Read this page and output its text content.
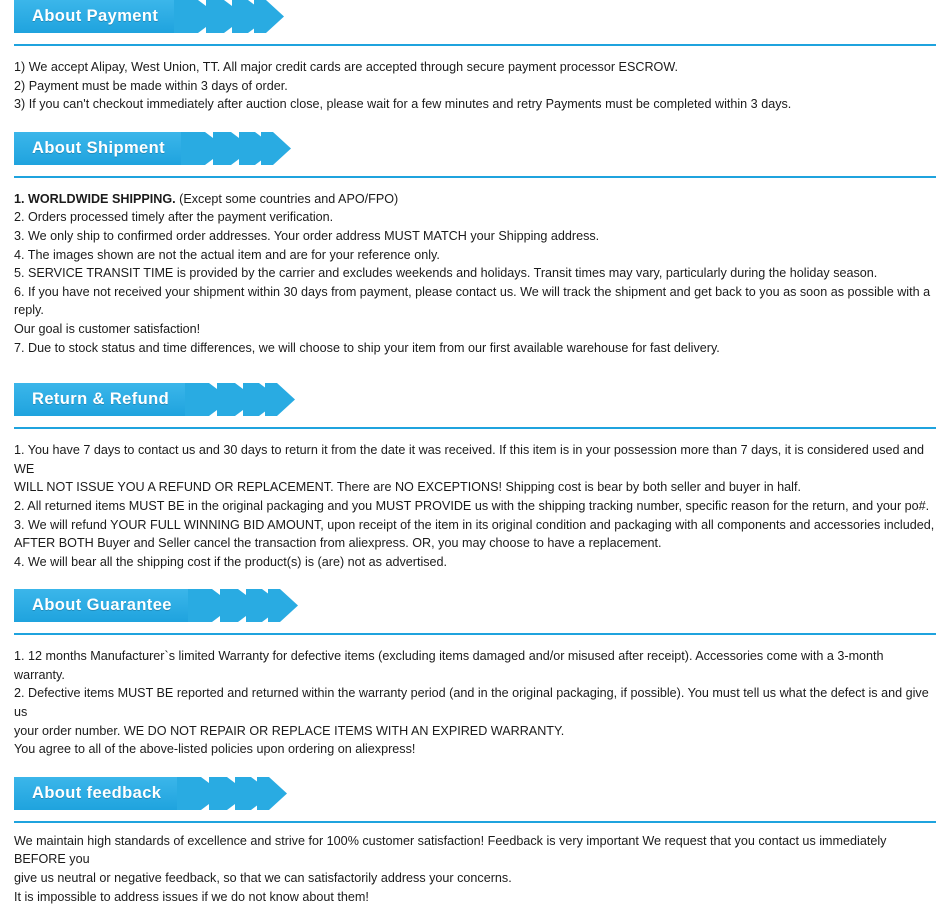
About Payment

1) We accept Alipay, West Union, TT. All major credit cards are accepted through secure payment processor ESCROW.

2) Payment must be made within 3 days of order.

3) If you can't checkout immediately after auction close, please wait for a few minutes and retry Payments must be completed within 3 days.

About Shipment

1. WORLDWIDE SHIPPING. (Except some countries and APO/FPO)

2. Orders processed timely after the payment verification.

3. We only ship to confirmed order addresses. Your order address MUST MATCH your Shipping address.

4. The images shown are not the actual item and are for your reference only.

5. SERVICE TRANSIT TIME is provided by the carrier and excludes weekends and holidays. Transit times may vary, particularly during the holiday season.

6. If you have not received your shipment within 30 days from payment, please contact us. We will track the shipment and get back to you as soon as possible with a reply.

Our goal is customer satisfaction!

7. Due to stock status and time differences, we will choose to ship your item from our first available warehouse for fast delivery.

Return & Refund

1. You have 7 days to contact us and 30 days to return it from the date it was received. If this item is in your possession more than 7 days, it is considered used and WE

WILL NOT ISSUE YOU A REFUND OR REPLACEMENT. There are NO EXCEPTIONS! Shipping cost is bear by both seller and buyer in half.

2. All returned items MUST BE in the original packaging and you MUST PROVIDE us with the shipping tracking number, specific reason for the return, and your po#.

3. We will refund YOUR FULL WINNING BID AMOUNT, upon receipt of the item in its original condition and packaging with all components and accessories included,

AFTER BOTH Buyer and Seller cancel the transaction from aliexpress. OR, you may choose to have a replacement.

4. We will bear all the shipping cost if the product(s) is (are) not as advertised.

About Guarantee

1. 12 months Manufacturer`s limited Warranty for defective items (excluding items damaged and/or misused after receipt). Accessories come with a 3-month warranty.

2. Defective items MUST BE reported and returned within the warranty period (and in the original packaging, if possible). You must tell us what the defect is and give us

your order number. WE DO NOT REPAIR OR REPLACE ITEMS WITH AN EXPIRED WARRANTY.

You agree to all of the above-listed policies upon ordering on aliexpress!

About feedback

We maintain high standards of excellence and strive for 100% customer satisfaction! Feedback is very important We request that you contact us immediately BEFORE you

give us neutral or negative feedback, so that we can satisfactorily address your concerns.

It is impossible to address issues if we do not know about them!
